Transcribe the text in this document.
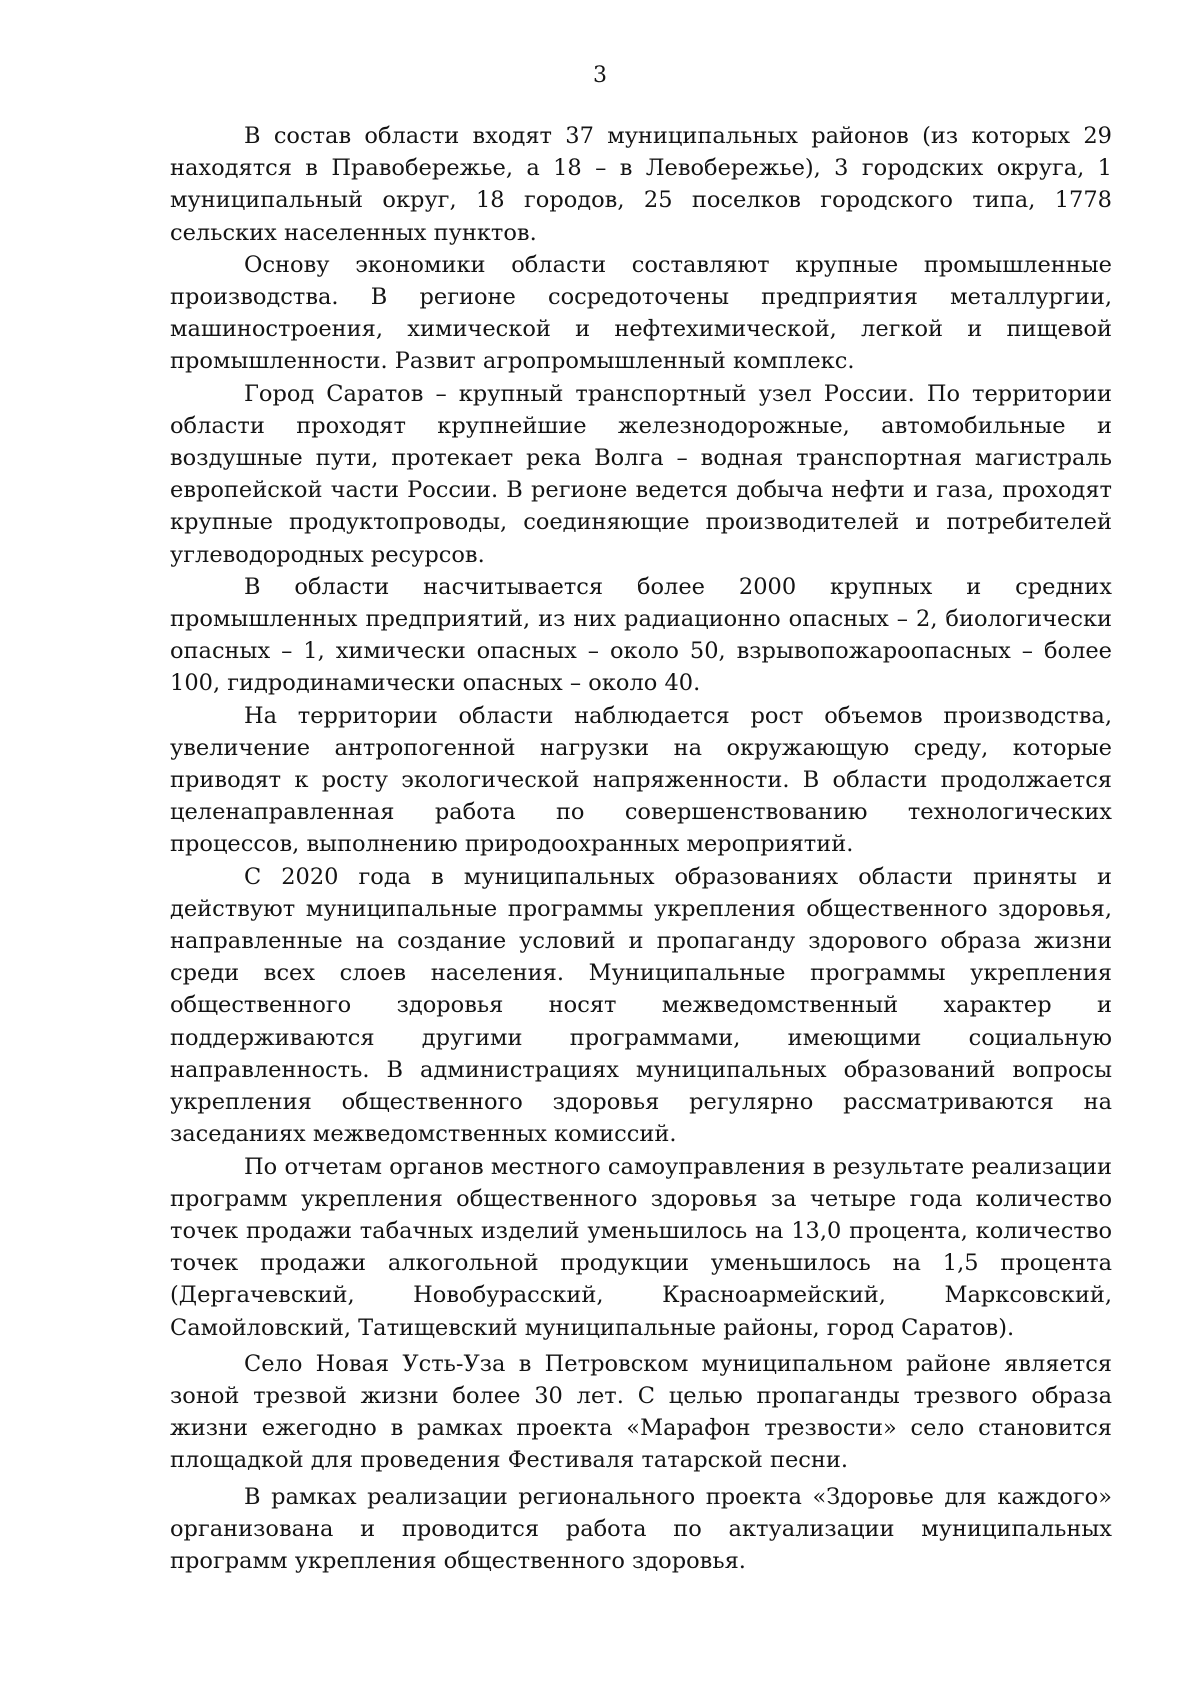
3

В состав области входят 37 муниципальных районов (из которых 29 находятся в Правобережье, а 18 – в Левобережье), 3 городских округа, 1 муниципальный округ, 18 городов, 25 поселков городского типа, 1778 сельских населенных пунктов.

Основу экономики области составляют крупные промышленные производства. В регионе сосредоточены предприятия металлургии, машиностроения, химической и нефтехимической, легкой и пищевой промышленности. Развит агропромышленный комплекс.

Город Саратов – крупный транспортный узел России. По территории области проходят крупнейшие железнодорожные, автомобильные и воздушные пути, протекает река Волга – водная транспортная магистраль европейской части России. В регионе ведется добыча нефти и газа, проходят крупные продуктопроводы, соединяющие производителей и потребителей углеводородных ресурсов.

В области насчитывается более 2000 крупных и средних промышленных предприятий, из них радиационно опасных – 2, биологически опасных – 1, химически опасных – около 50, взрывопожароопасных – более 100, гидродинамически опасных – около 40.

На территории области наблюдается рост объемов производства, увеличение антропогенной нагрузки на окружающую среду, которые приводят к росту экологической напряженности. В области продолжается целенаправленная работа по совершенствованию технологических процессов, выполнению природоохранных мероприятий.

С 2020 года в муниципальных образованиях области приняты и действуют муниципальные программы укрепления общественного здоровья, направленные на создание условий и пропаганду здорового образа жизни среди всех слоев населения. Муниципальные программы укрепления общественного здоровья носят межведомственный характер и поддерживаются другими программами, имеющими социальную направленность. В администрациях муниципальных образований вопросы укрепления общественного здоровья регулярно рассматриваются на заседаниях межведомственных комиссий.

По отчетам органов местного самоуправления в результате реализации программ укрепления общественного здоровья за четыре года количество точек продажи табачных изделий уменьшилось на 13,0 процента, количество точек продажи алкогольной продукции уменьшилось на 1,5 процента (Дергачевский, Новобурасский, Красноармейский, Марксовский, Самойловский, Татищевский муниципальные районы, город Саратов).

Село Новая Усть-Уза в Петровском муниципальном районе является зоной трезвой жизни более 30 лет. С целью пропаганды трезвого образа жизни ежегодно в рамках проекта «Марафон трезвости» село становится площадкой для проведения Фестиваля татарской песни.

В рамках реализации регионального проекта «Здоровье для каждого» организована и проводится работа по актуализации муниципальных программ укрепления общественного здоровья.
